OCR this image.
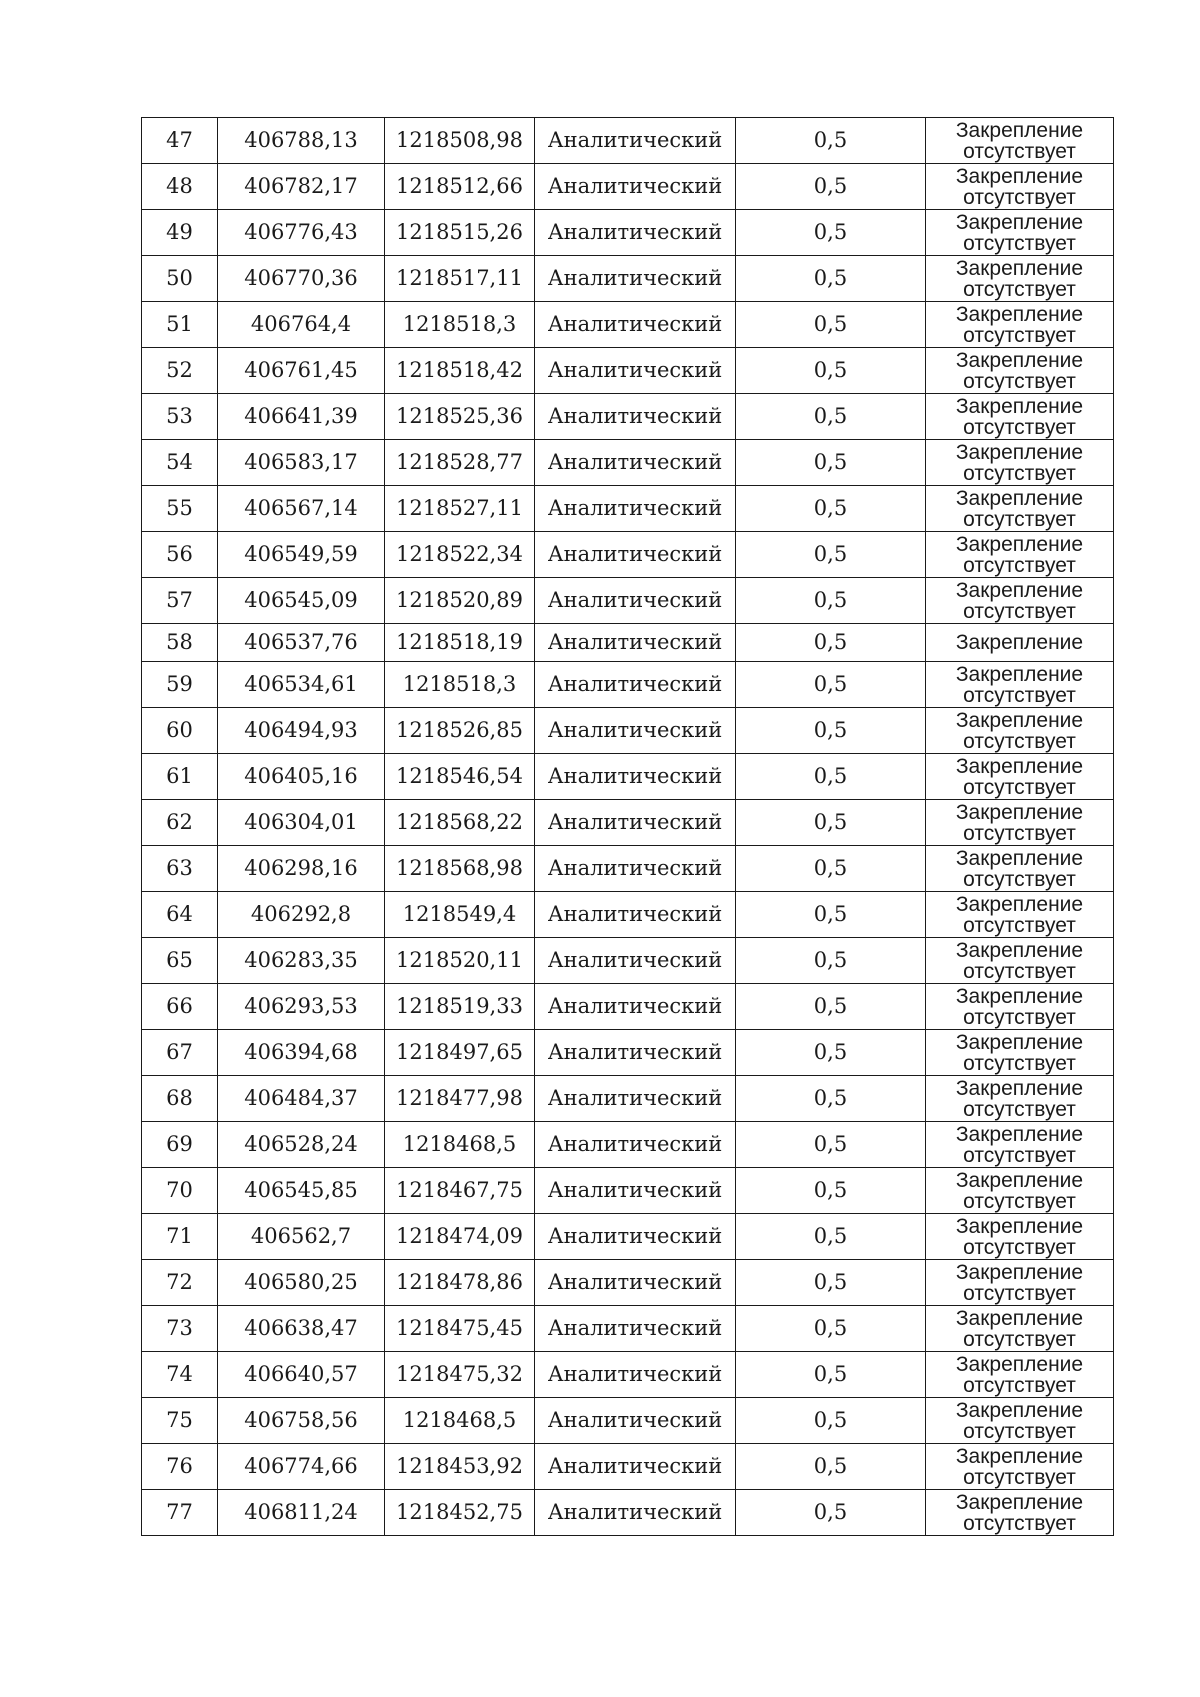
47	406788,13	1218508,98	Аналитический	0,5	Закрепление
отсутствует

48	406782,17	1218512,66	Аналитический	0,5	Закрепление
отсутствует

49	406776,43	1218515,26	Аналитический	0,5	Закрепление
отсутствует

50	406770,36	1218517,11	Аналитический	0,5	Закрепление
отсутствует

51	406764,4	1218518,3	Аналитический	0,5	Закрепление
отсутствует

52	406761,45	1218518,42	Аналитический	0,5	Закрепление
отсутствует

53	406641,39	1218525,36	Аналитический	0,5	Закрепление
отсутствует

54	406583,17	1218528,77	Аналитический	0,5	Закрепление
отсутствует

55	406567,14	1218527,11	Аналитический	0,5	Закрепление
отсутствует

56	406549,59	1218522,34	Аналитический	0,5	Закрепление
отсутствует

57	406545,09	1218520,89	Аналитический	0,5	Закрепление
отсутствует

58	406537,76	1218518,19	Аналитический	0,5	Закрепление

59	406534,61	1218518,3	Аналитический	0,5	Закрепление
отсутствует

60	406494,93	1218526,85	Аналитический	0,5	Закрепление
отсутствует

61	406405,16	1218546,54	Аналитический	0,5	Закрепление
отсутствует

62	406304,01	1218568,22	Аналитический	0,5	Закрепление
отсутствует

63	406298,16	1218568,98	Аналитический	0,5	Закрепление
отсутствует

64	406292,8	1218549,4	Аналитический	0,5	Закрепление
отсутствует

65	406283,35	1218520,11	Аналитический	0,5	Закрепление
отсутствует

66	406293,53	1218519,33	Аналитический	0,5	Закрепление
отсутствует

67	406394,68	1218497,65	Аналитический	0,5	Закрепление
отсутствует

68	406484,37	1218477,98	Аналитический	0,5	Закрепление
отсутствует

69	406528,24	1218468,5	Аналитический	0,5	Закрепление
отсутствует

70	406545,85	1218467,75	Аналитический	0,5	Закрепление
отсутствует

71	406562,7	1218474,09	Аналитический	0,5	Закрепление
отсутствует

72	406580,25	1218478,86	Аналитический	0,5	Закрепление
отсутствует

73	406638,47	1218475,45	Аналитический	0,5	Закрепление
отсутствует

74	406640,57	1218475,32	Аналитический	0,5	Закрепление
отсутствует

75	406758,56	1218468,5	Аналитический	0,5	Закрепление
отсутствует

76	406774,66	1218453,92	Аналитический	0,5	Закрепление
отсутствует

77	406811,24	1218452,75	Аналитический	0,5	Закрепление
отсутствует
